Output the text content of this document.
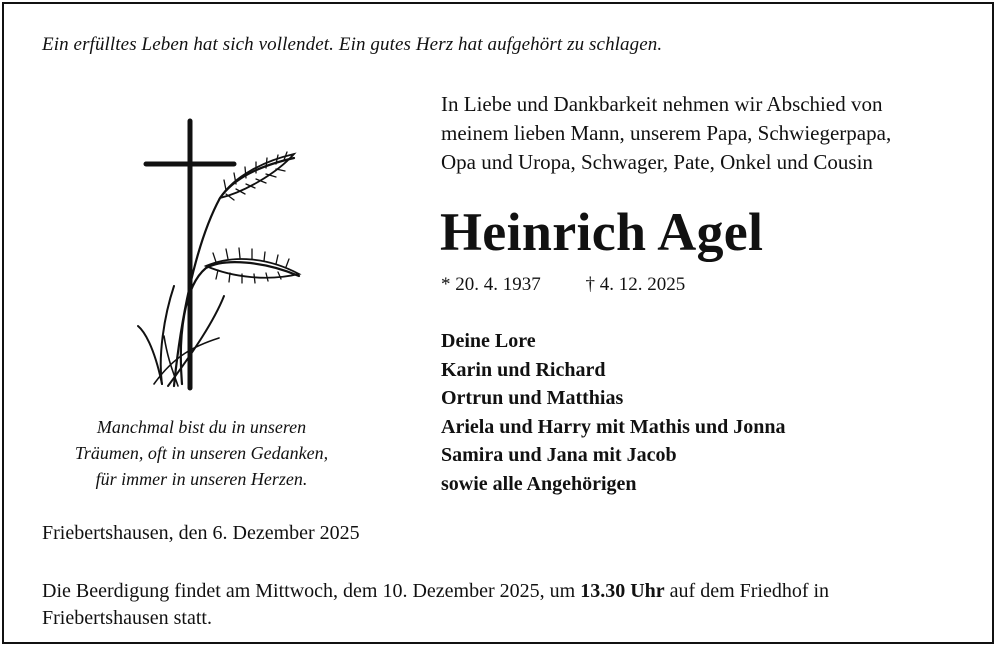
Ein erfülltes Leben hat sich vollendet. Ein gutes Herz hat aufgehört zu schlagen.
Manchmal bist du in unseren
Träumen, oft in unseren Gedanken,
für immer in unseren Herzen.
In Liebe und Dankbarkeit nehmen wir Abschied von
meinem lieben Mann, unserem Papa, Schwiegerpapa,
Opa und Uropa, Schwager, Pate, Onkel und Cousin
Heinrich Agel
* 20. 4. 1937 † 4. 12. 2025
Deine Lore
Karin und Richard
Ortrun und Matthias
Ariela und Harry mit Mathis und Jonna
Samira und Jana mit Jacob
sowie alle Angehörigen
Friebertshausen, den 6. Dezember 2025
Die Beerdigung findet am Mittwoch, dem 10. Dezember 2025, um 13.30 Uhr auf dem Friedhof in Friebertshausen statt.
